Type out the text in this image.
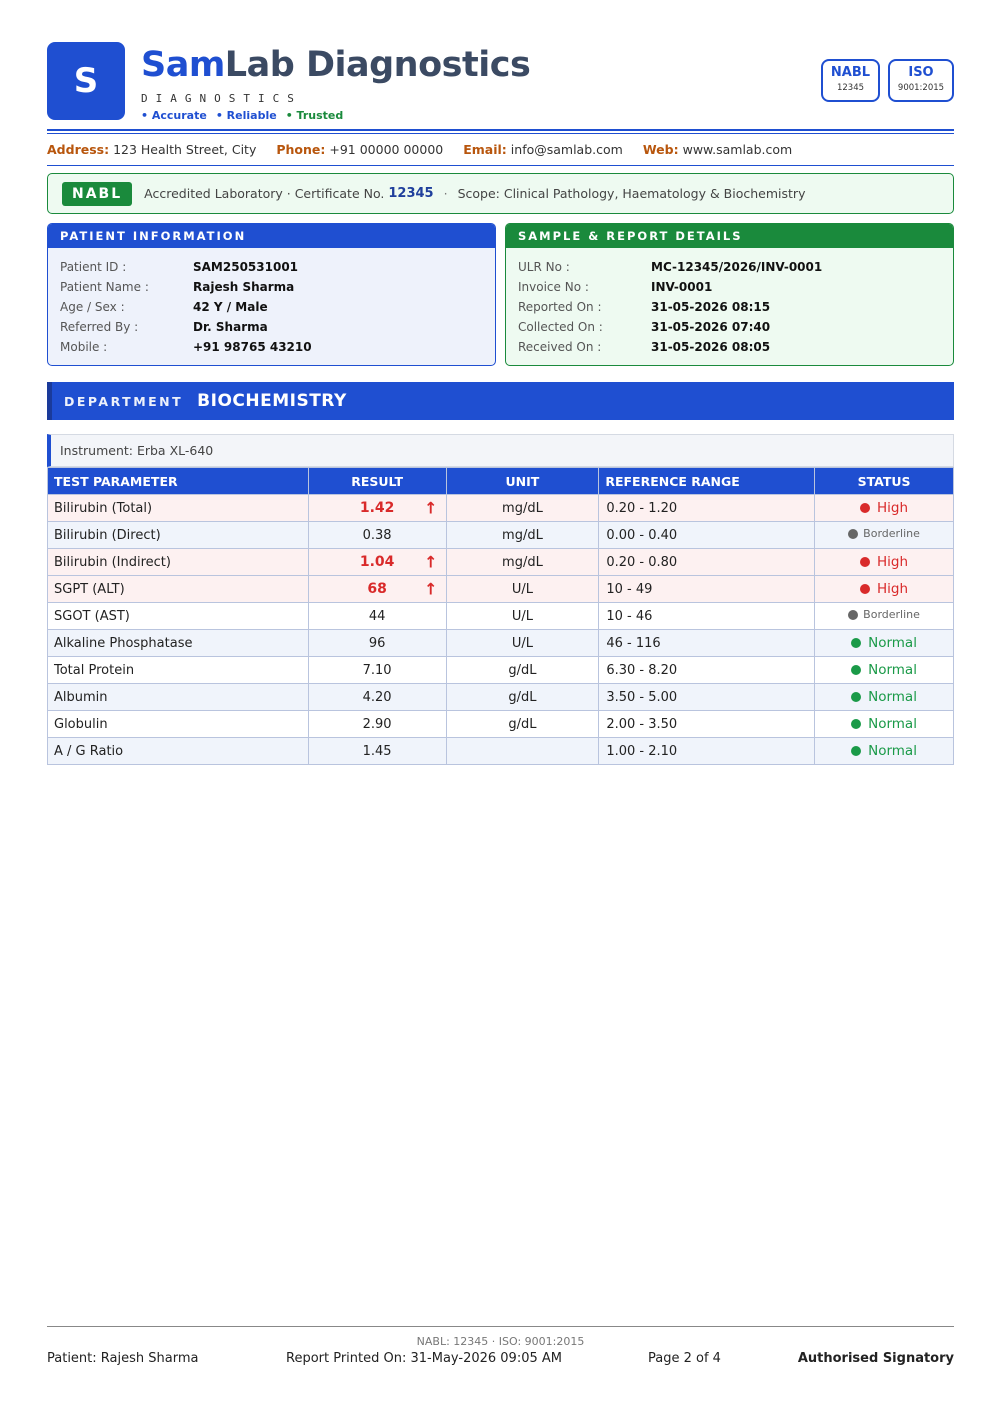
S	SamLab Diagnostics
DIAGNOSTICS
• Accurate • Reliable • Trusted
NABL
12345
ISO
9001:2015
Address: 123 Health Street, City Phone: +91 00000 00000 Email: info@samlab.com Web: www.samlab.com
NABL	Accredited Laboratory · Certificate No.
12345 · Scope: Clinical Pathology, Haematology & Biochemistry
PATIENT INFORMATION
Patient ID :	SAM250531001
Patient Name :	Rajesh Sharma
Age / Sex :	42 Y / Male
Referred By :	Dr. Sharma
Mobile :	+91 98765 43210
SAMPLE & REPORT DETAILS
ULR No :	MC-12345/2026/INV-0001
Invoice No :	INV-0001
Reported On :	31-05-2026 08:15
Collected On :	31-05-2026 07:40
Received On :	31-05-2026 08:05
DEPARTMENT BIOCHEMISTRY
Instrument: Erba XL-640
TEST PARAMETER	RESULT	UNIT	REFERENCE RANGE	STATUS
Bilirubin (Total)	1.42 ↑	mg/dL	0.20 - 1.20	High

Bilirubin (Direct)	0.38	mg/dL	0.00 - 0.40	Borderline

Bilirubin (Indirect)	1.04 ↑	mg/dL	0.20 - 0.80	High

SGPT (ALT)	68 ↑	U/L	10 - 49	High

SGOT (AST)	44	U/L	10 - 46	Borderline

Alkaline Phosphatase	96	U/L	46 - 116	Normal

Total Protein	7.10	g/dL	6.30 - 8.20	Normal

Albumin	4.20	g/dL	3.50 - 5.00	Normal

Globulin	2.90	g/dL	2.00 - 3.50	Normal

A / G Ratio	1.45		1.00 - 2.10	Normal
NABL: 12345 · ISO: 9001:2015
Patient: Rajesh Sharma	Report Printed On: 31-May-2026 09:05 AM	Page 2 of 4	Authorised Signatory
